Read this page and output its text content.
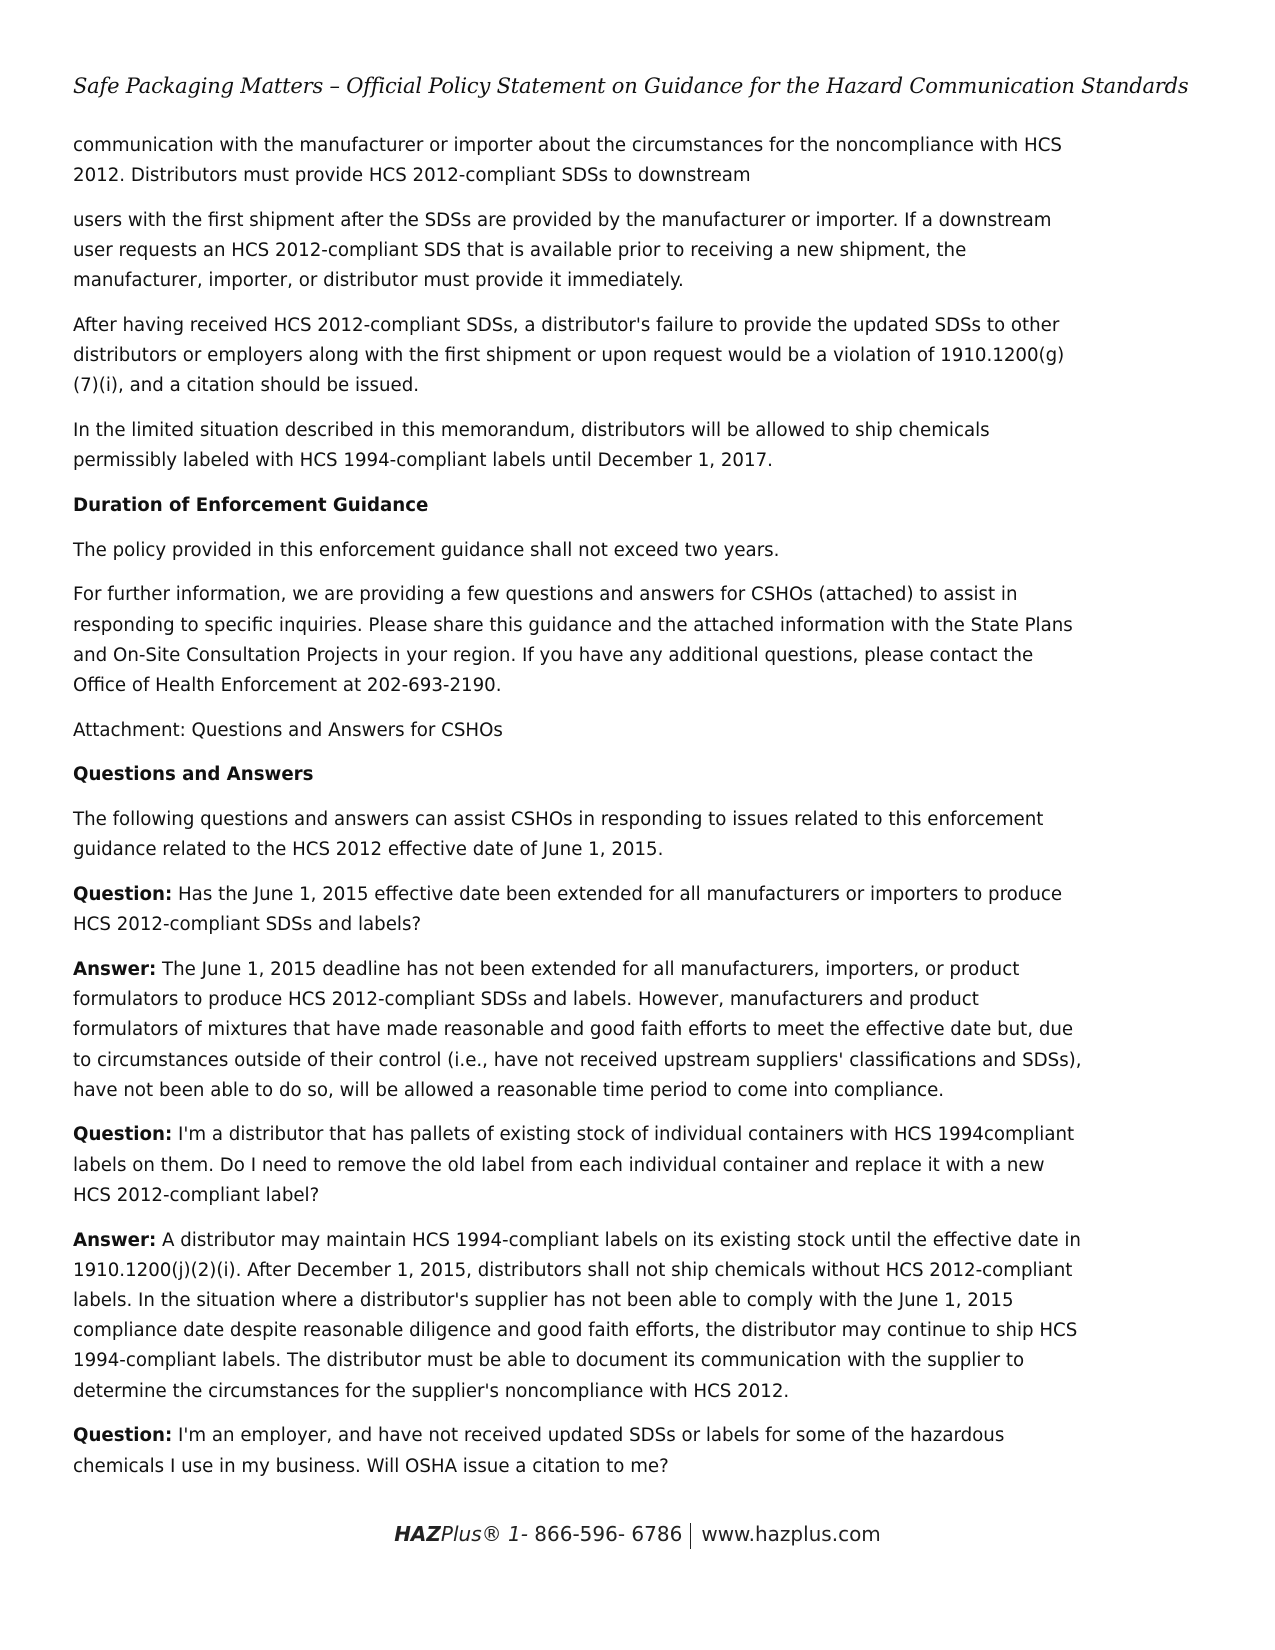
Safe Packaging Matters – Official Policy Statement on Guidance for the Hazard Communication Standards

communication with the manufacturer or importer about the circumstances for the noncompliance with HCS 2012. Distributors must provide HCS 2012-compliant SDSs to downstream

users with the first shipment after the SDSs are provided by the manufacturer or importer. If a downstream user requests an HCS 2012-compliant SDS that is available prior to receiving a new shipment, the manufacturer, importer, or distributor must provide it immediately.

After having received HCS 2012-compliant SDSs, a distributor's failure to provide the updated SDSs to other distributors or employers along with the first shipment or upon request would be a violation of 1910.1200(g)(7)(i), and a citation should be issued.

In the limited situation described in this memorandum, distributors will be allowed to ship chemicals permissibly labeled with HCS 1994-compliant labels until December 1, 2017.

Duration of Enforcement Guidance

The policy provided in this enforcement guidance shall not exceed two years.

For further information, we are providing a few questions and answers for CSHOs (attached) to assist in responding to specific inquiries. Please share this guidance and the attached information with the State Plans and On-Site Consultation Projects in your region. If you have any additional questions, please contact the Office of Health Enforcement at 202-693-2190.

Attachment: Questions and Answers for CSHOs

Questions and Answers

The following questions and answers can assist CSHOs in responding to issues related to this enforcement guidance related to the HCS 2012 effective date of June 1, 2015.

Question: Has the June 1, 2015 effective date been extended for all manufacturers or importers to produce HCS 2012-compliant SDSs and labels?

Answer: The June 1, 2015 deadline has not been extended for all manufacturers, importers, or product formulators to produce HCS 2012-compliant SDSs and labels. However, manufacturers and product formulators of mixtures that have made reasonable and good faith efforts to meet the effective date but, due to circumstances outside of their control (i.e., have not received upstream suppliers' classifications and SDSs), have not been able to do so, will be allowed a reasonable time period to come into compliance.

Question: I'm a distributor that has pallets of existing stock of individual containers with HCS 1994compliant labels on them. Do I need to remove the old label from each individual container and replace it with a new HCS 2012-compliant label?

Answer: A distributor may maintain HCS 1994-compliant labels on its existing stock until the effective date in 1910.1200(j)(2)(i). After December 1, 2015, distributors shall not ship chemicals without HCS 2012-compliant labels. In the situation where a distributor's supplier has not been able to comply with the June 1, 2015 compliance date despite reasonable diligence and good faith efforts, the distributor may continue to ship HCS 1994-compliant labels. The distributor must be able to document its communication with the supplier to determine the circumstances for the supplier's noncompliance with HCS 2012.

Question: I'm an employer, and have not received updated SDSs or labels for some of the hazardous chemicals I use in my business. Will OSHA issue a citation to me?

HAZPlus® 1- 866-596- 6786 www.hazplus.com
